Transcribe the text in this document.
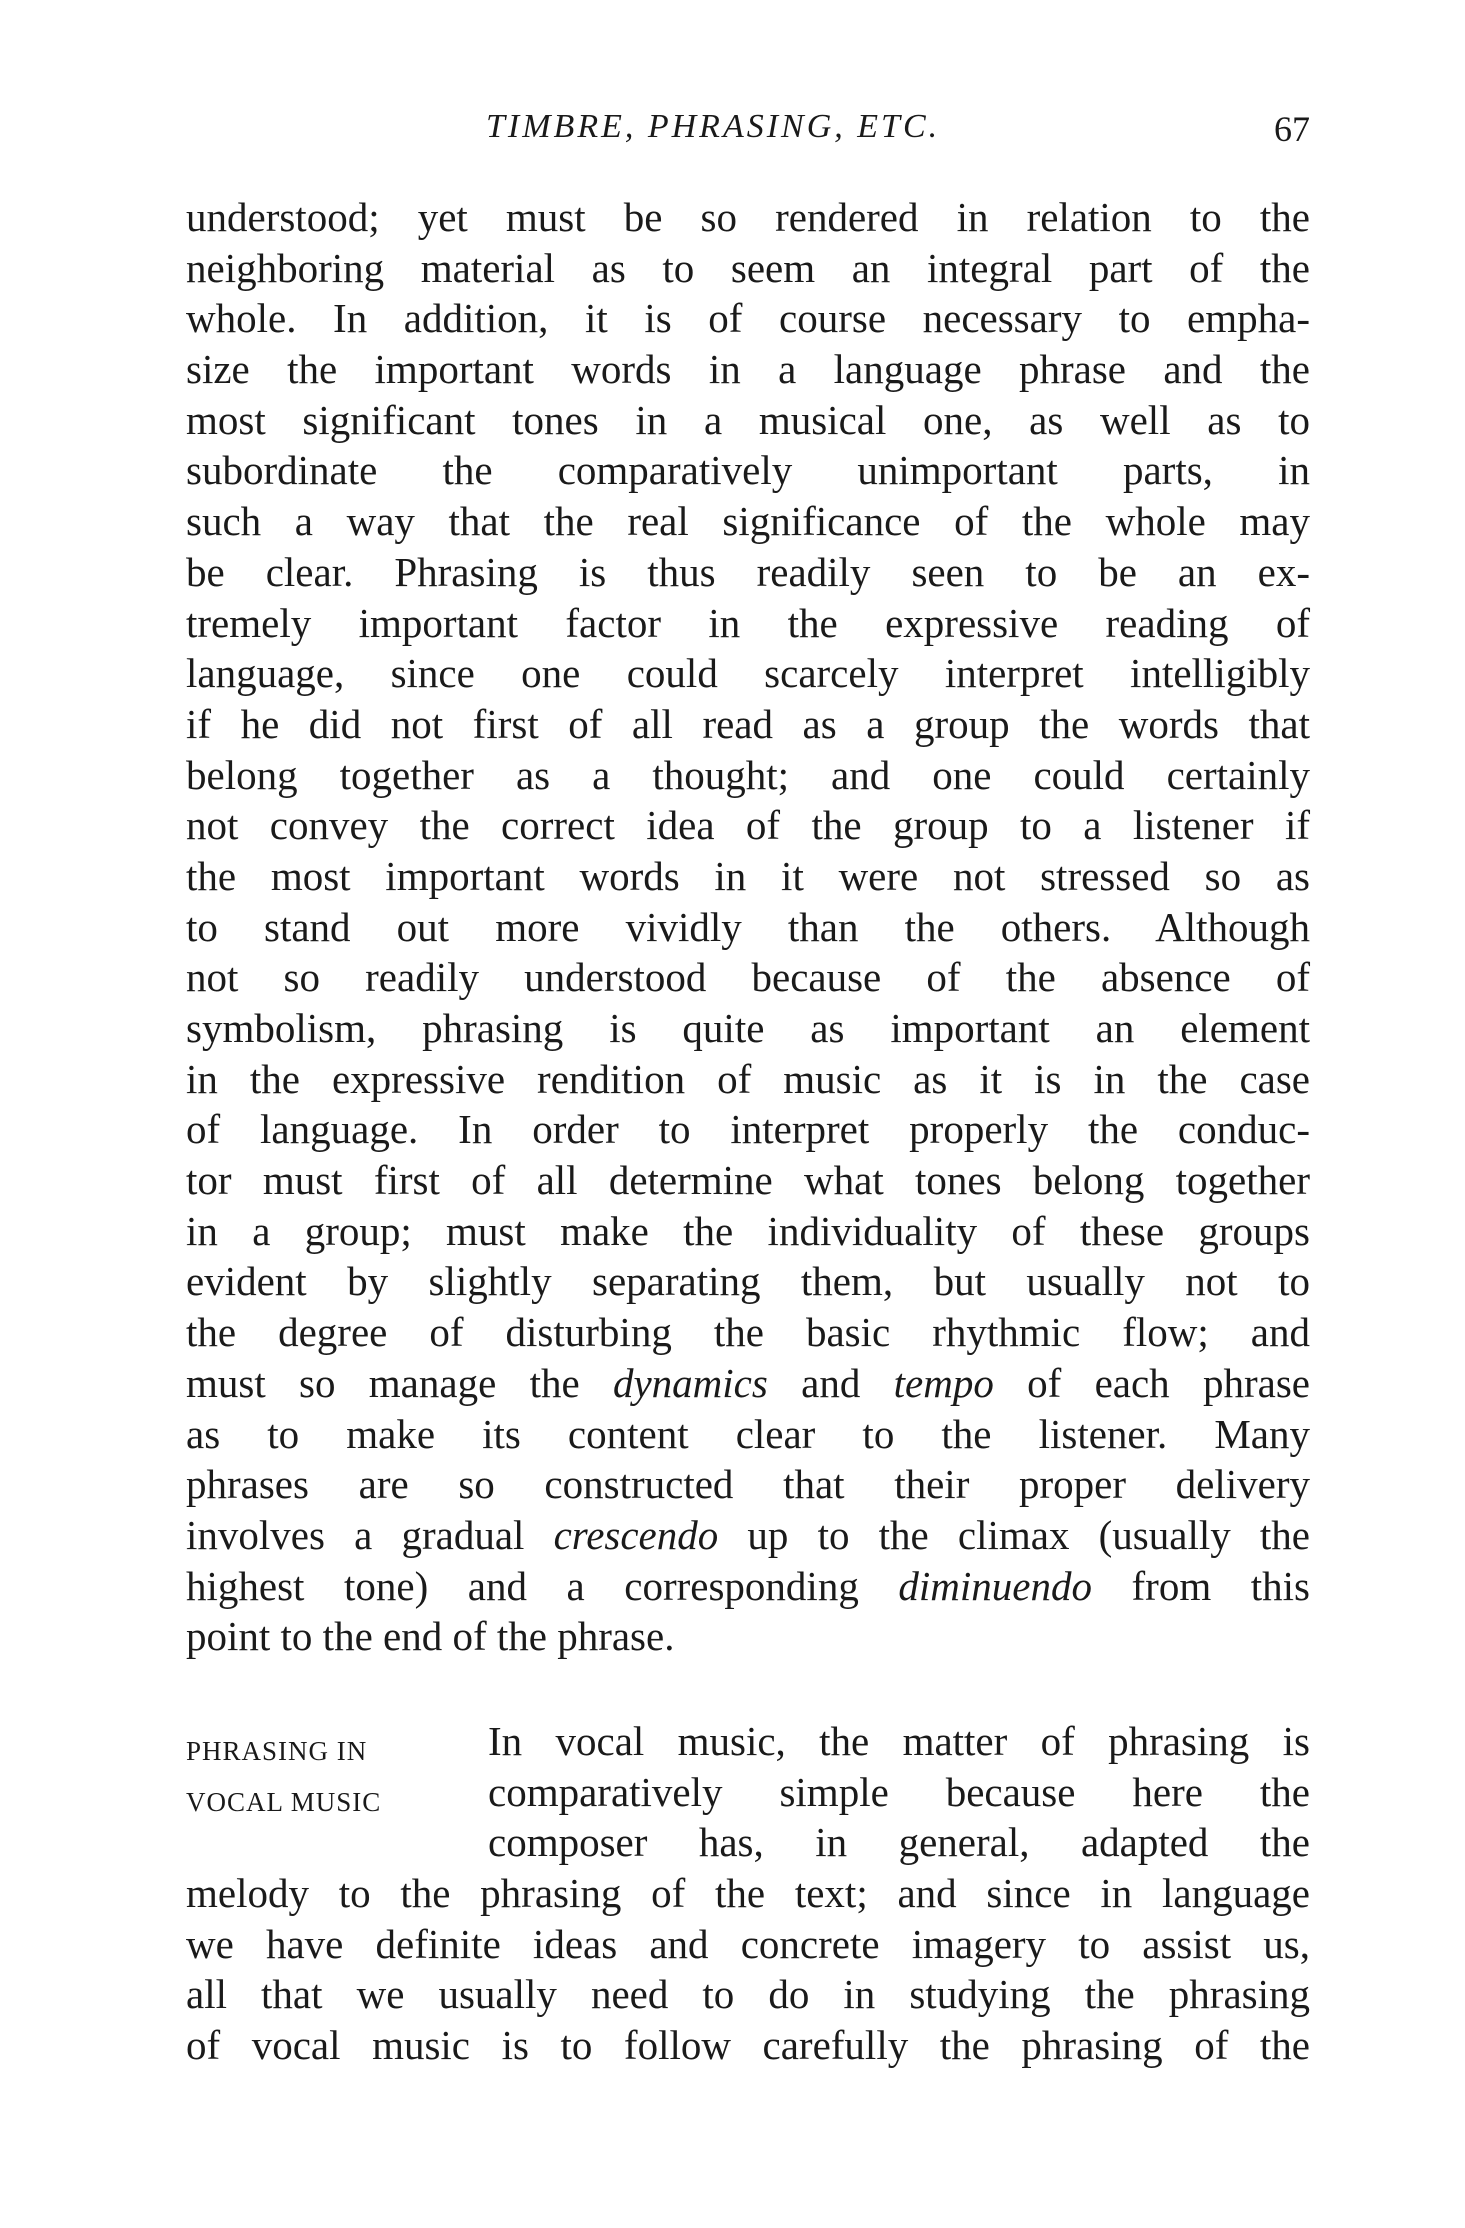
TIMBRE, PHRASING, ETC.	67
understood; yet must be so rendered in relation to the
neighboring material as to seem an integral part of the
whole. In addition, it is of course necessary to empha-
size the important words in a language phrase and the
most significant tones in a musical one, as well as to
subordinate the comparatively unimportant parts, in
such a way that the real significance of the whole may
be clear. Phrasing is thus readily seen to be an ex-
tremely important factor in the expressive reading of
language, since one could scarcely interpret intelligibly
if he did not first of all read as a group the words that
belong together as a thought; and one could certainly
not convey the correct idea of the group to a listener if
the most important words in it were not stressed so as
to stand out more vividly than the others. Although
not so readily understood because of the absence of
symbolism, phrasing is quite as important an element
in the expressive rendition of music as it is in the case
of language. In order to interpret properly the conduc-
tor must first of all determine what tones belong together
in a group; must make the individuality of these groups
evident by slightly separating them, but usually not to
the degree of disturbing the basic rhythmic flow; and
must so manage the dynamics and tempo of each phrase
as to make its content clear to the listener. Many
phrases are so constructed that their proper delivery
involves a gradual crescendo up to the climax (usually the
highest tone) and a corresponding diminuendo from this
point to the end of the phrase.
PHRASING IN
VOCAL MUSIC
In vocal music, the matter of phrasing is
comparatively simple because here the
composer has, in general, adapted the
melody to the phrasing of the text; and since in language
we have definite ideas and concrete imagery to assist us,
all that we usually need to do in studying the phrasing
of vocal music is to follow carefully the phrasing of the
